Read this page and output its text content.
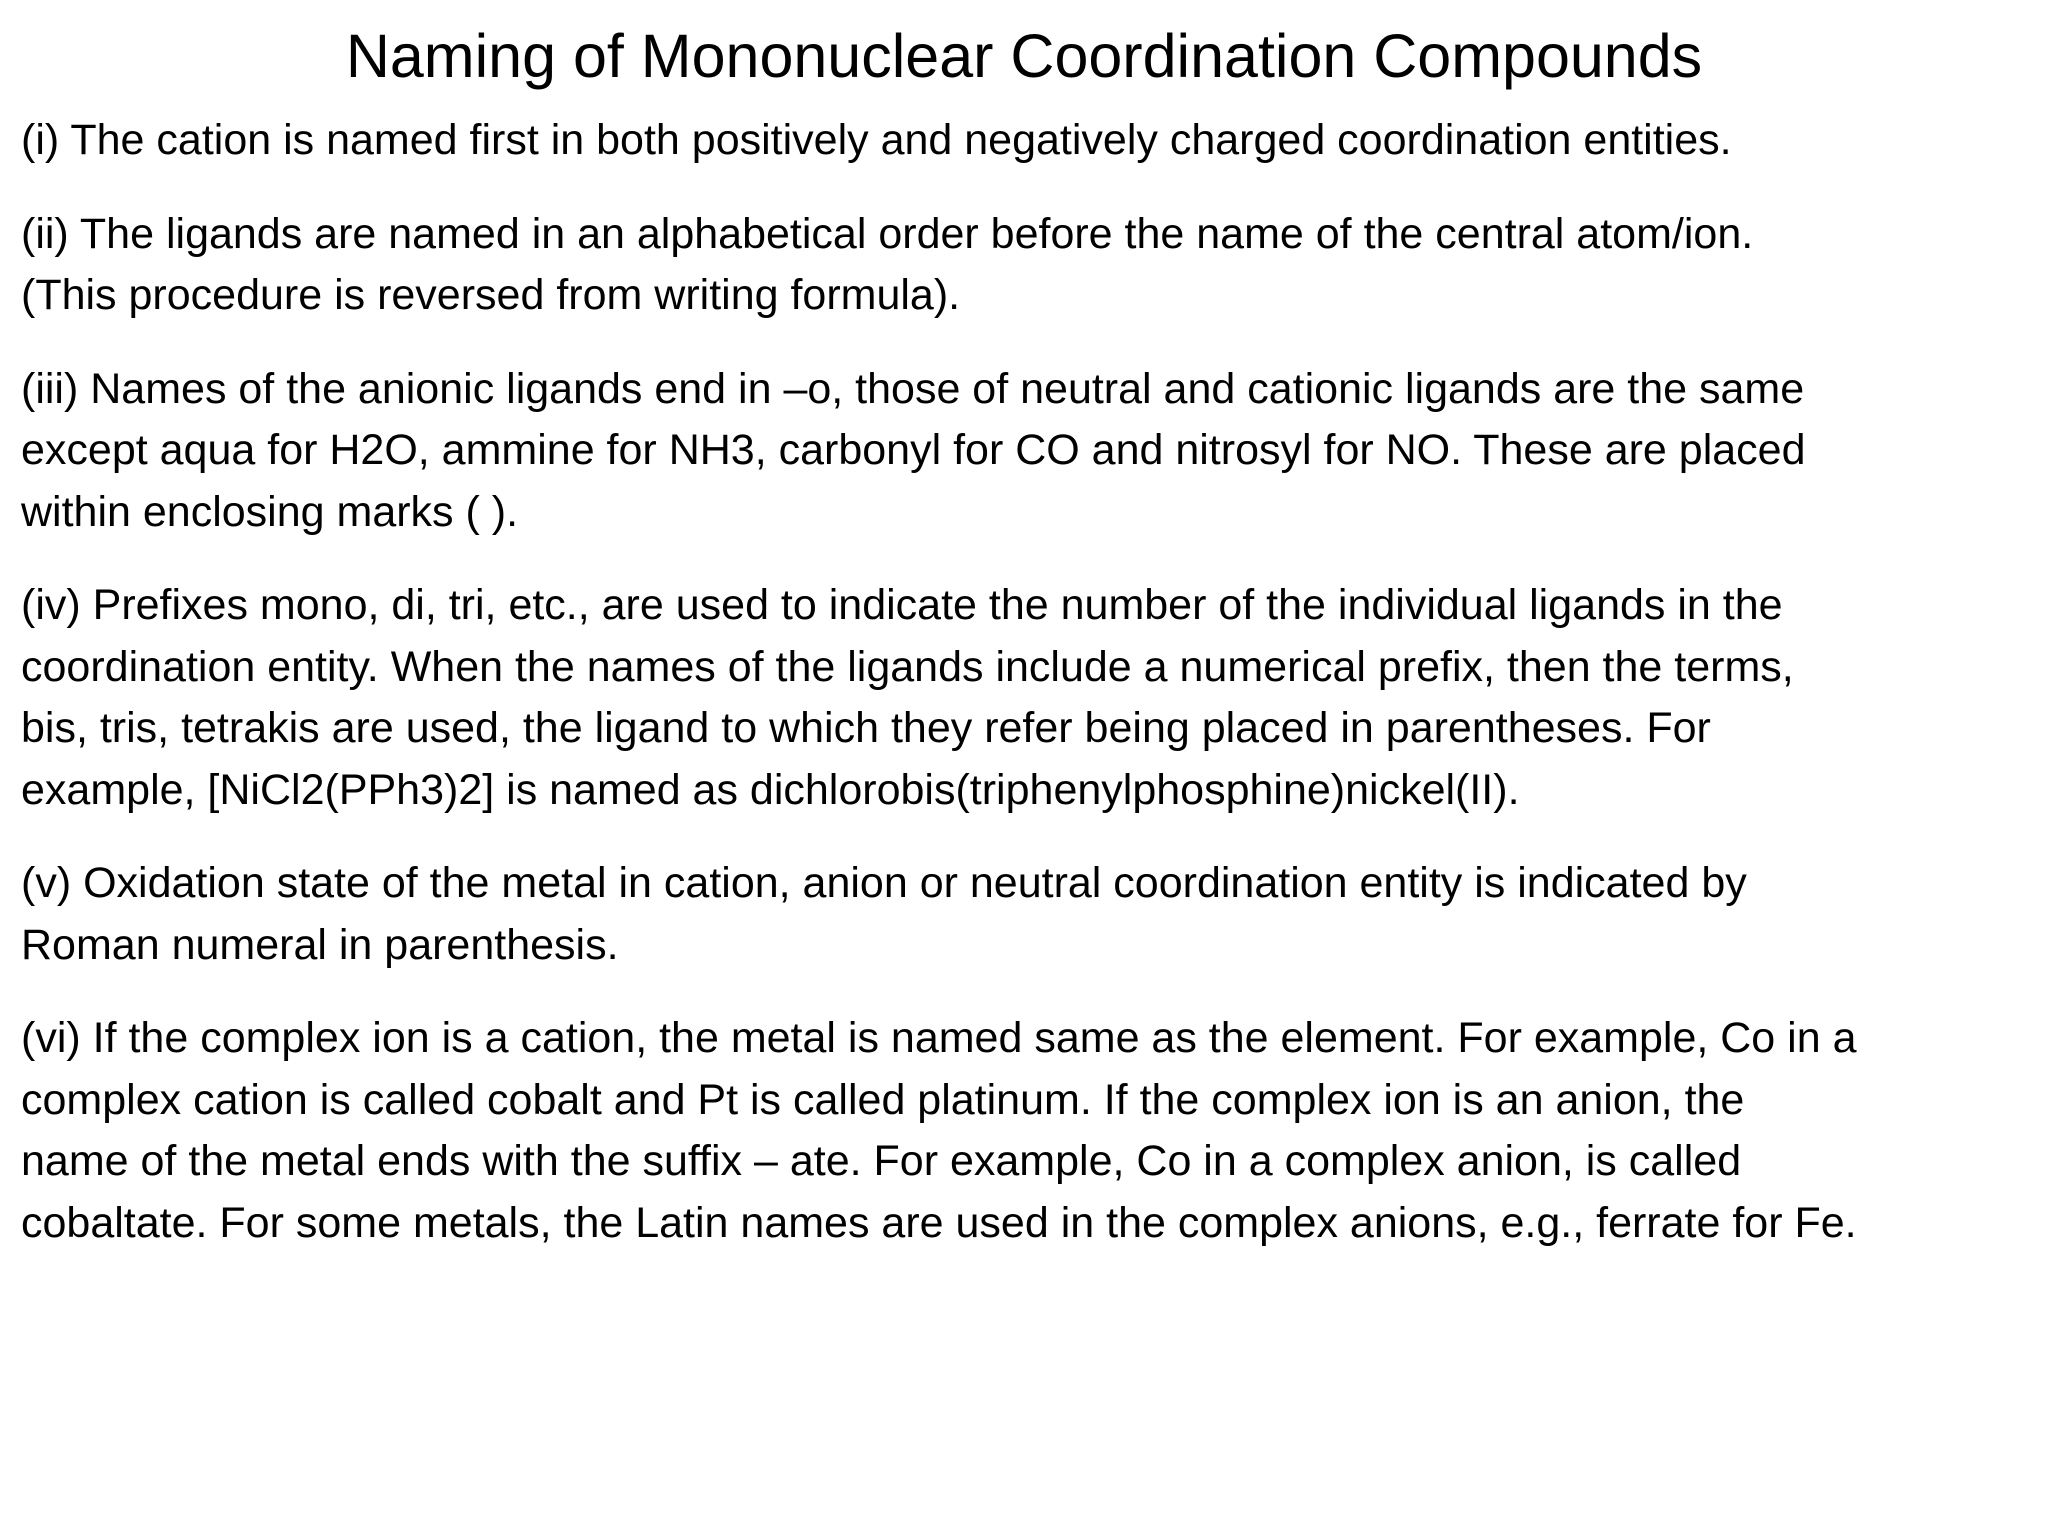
Naming of Mononuclear Coordination Compounds
(i) The cation is named first in both positively and negatively charged coordination entities.
(ii) The ligands are named in an alphabetical order before the name of the central atom/ion.
(This procedure is reversed from writing formula).
(iii) Names of the anionic ligands end in –o, those of neutral and cationic ligands are the same
except aqua for H2O, ammine for NH3, carbonyl for CO and nitrosyl for NO. These are placed
within enclosing marks ( ).
(iv) Prefixes mono, di, tri, etc., are used to indicate the number of the individual ligands in the
coordination entity. When the names of the ligands include a numerical prefix, then the terms,
bis, tris, tetrakis are used, the ligand to which they refer being placed in parentheses. For
example, [NiCl2(PPh3)2] is named as dichlorobis(triphenylphosphine)nickel(II).
(v) Oxidation state of the metal in cation, anion or neutral coordination entity is indicated by
Roman numeral in parenthesis.
(vi) If the complex ion is a cation, the metal is named same as the element. For example, Co in a
complex cation is called cobalt and Pt is called platinum. If the complex ion is an anion, the
name of the metal ends with the suffix – ate. For example, Co in a complex anion, is called
cobaltate. For some metals, the Latin names are used in the complex anions, e.g., ferrate for Fe.
